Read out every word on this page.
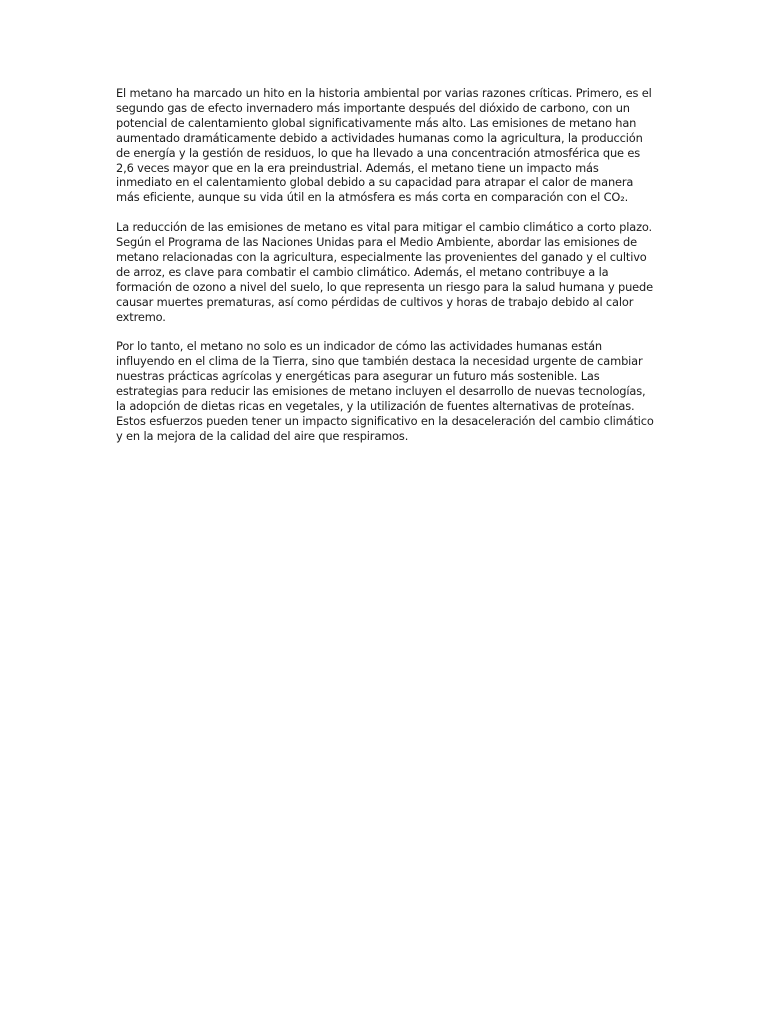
El metano ha marcado un hito en la historia ambiental por varias razones críticas. Primero, es el segundo gas de efecto invernadero más importante después del dióxido de carbono, con un potencial de calentamiento global significativamente más alto. Las emisiones de metano han aumentado dramáticamente debido a actividades humanas como la agricultura, la producción de energía y la gestión de residuos, lo que ha llevado a una concentración atmosférica que es 2,6 veces mayor que en la era preindustrial. Además, el metano tiene un impacto más inmediato en el calentamiento global debido a su capacidad para atrapar el calor de manera más eficiente, aunque su vida útil en la atmósfera es más corta en comparación con el CO₂.

La reducción de las emisiones de metano es vital para mitigar el cambio climático a corto plazo. Según el Programa de las Naciones Unidas para el Medio Ambiente, abordar las emisiones de metano relacionadas con la agricultura, especialmente las provenientes del ganado y el cultivo de arroz, es clave para combatir el cambio climático. Además, el metano contribuye a la formación de ozono a nivel del suelo, lo que representa un riesgo para la salud humana y puede causar muertes prematuras, así como pérdidas de cultivos y horas de trabajo debido al calor extremo.

Por lo tanto, el metano no solo es un indicador de cómo las actividades humanas están influyendo en el clima de la Tierra, sino que también destaca la necesidad urgente de cambiar nuestras prácticas agrícolas y energéticas para asegurar un futuro más sostenible. Las estrategias para reducir las emisiones de metano incluyen el desarrollo de nuevas tecnologías, la adopción de dietas ricas en vegetales, y la utilización de fuentes alternativas de proteínas. Estos esfuerzos pueden tener un impacto significativo en la desaceleración del cambio climático y en la mejora de la calidad del aire que respiramos.
